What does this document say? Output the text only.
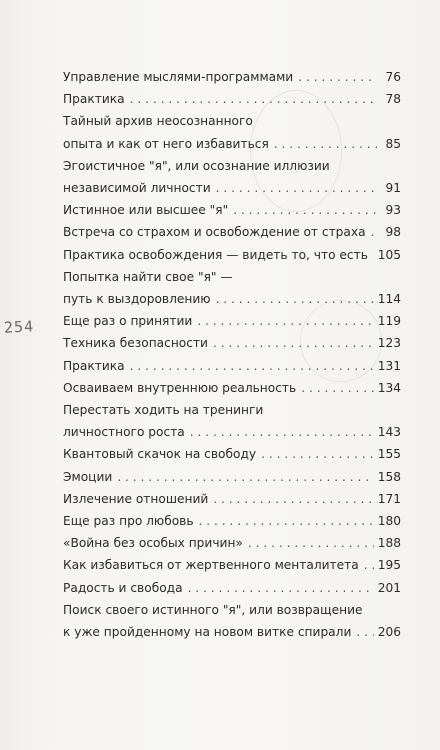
254
Управление мыслями-программами . . .	76
Практика . . .	78
Тайный архив неосознанного
опыта и как от него избавиться . . .	85
Эгоистичное "я", или осознание иллюзии
независимой личности . . .	91
Истинное или высшее "я" . . .	93
Встреча со страхом и освобождение от страха . . .	98
Практика освобождения — видеть то, что есть . . . 105
Попытка найти свое "я" —
путь к выздоровлению . . .	114
Еще раз о принятии . . .	119
Техника безопасности . . .	123
Практика . . .	131
Осваиваем внутреннюю реальность . . .	134
Перестать ходить на тренинги
личностного роста . . .	143
Квантовый скачок на свободу . . .	155
Эмоции . . .	158
Излечение отношений . . .	171
Еще раз про любовь . . .	180
«Война без особых причин» . . .	188
Как избавиться от жертвенного менталитета . . . 195
Радость и свобода . . .	201
Поиск своего истинного "я", или возвращение
к уже пройденному на новом витке спирали . . . 206
